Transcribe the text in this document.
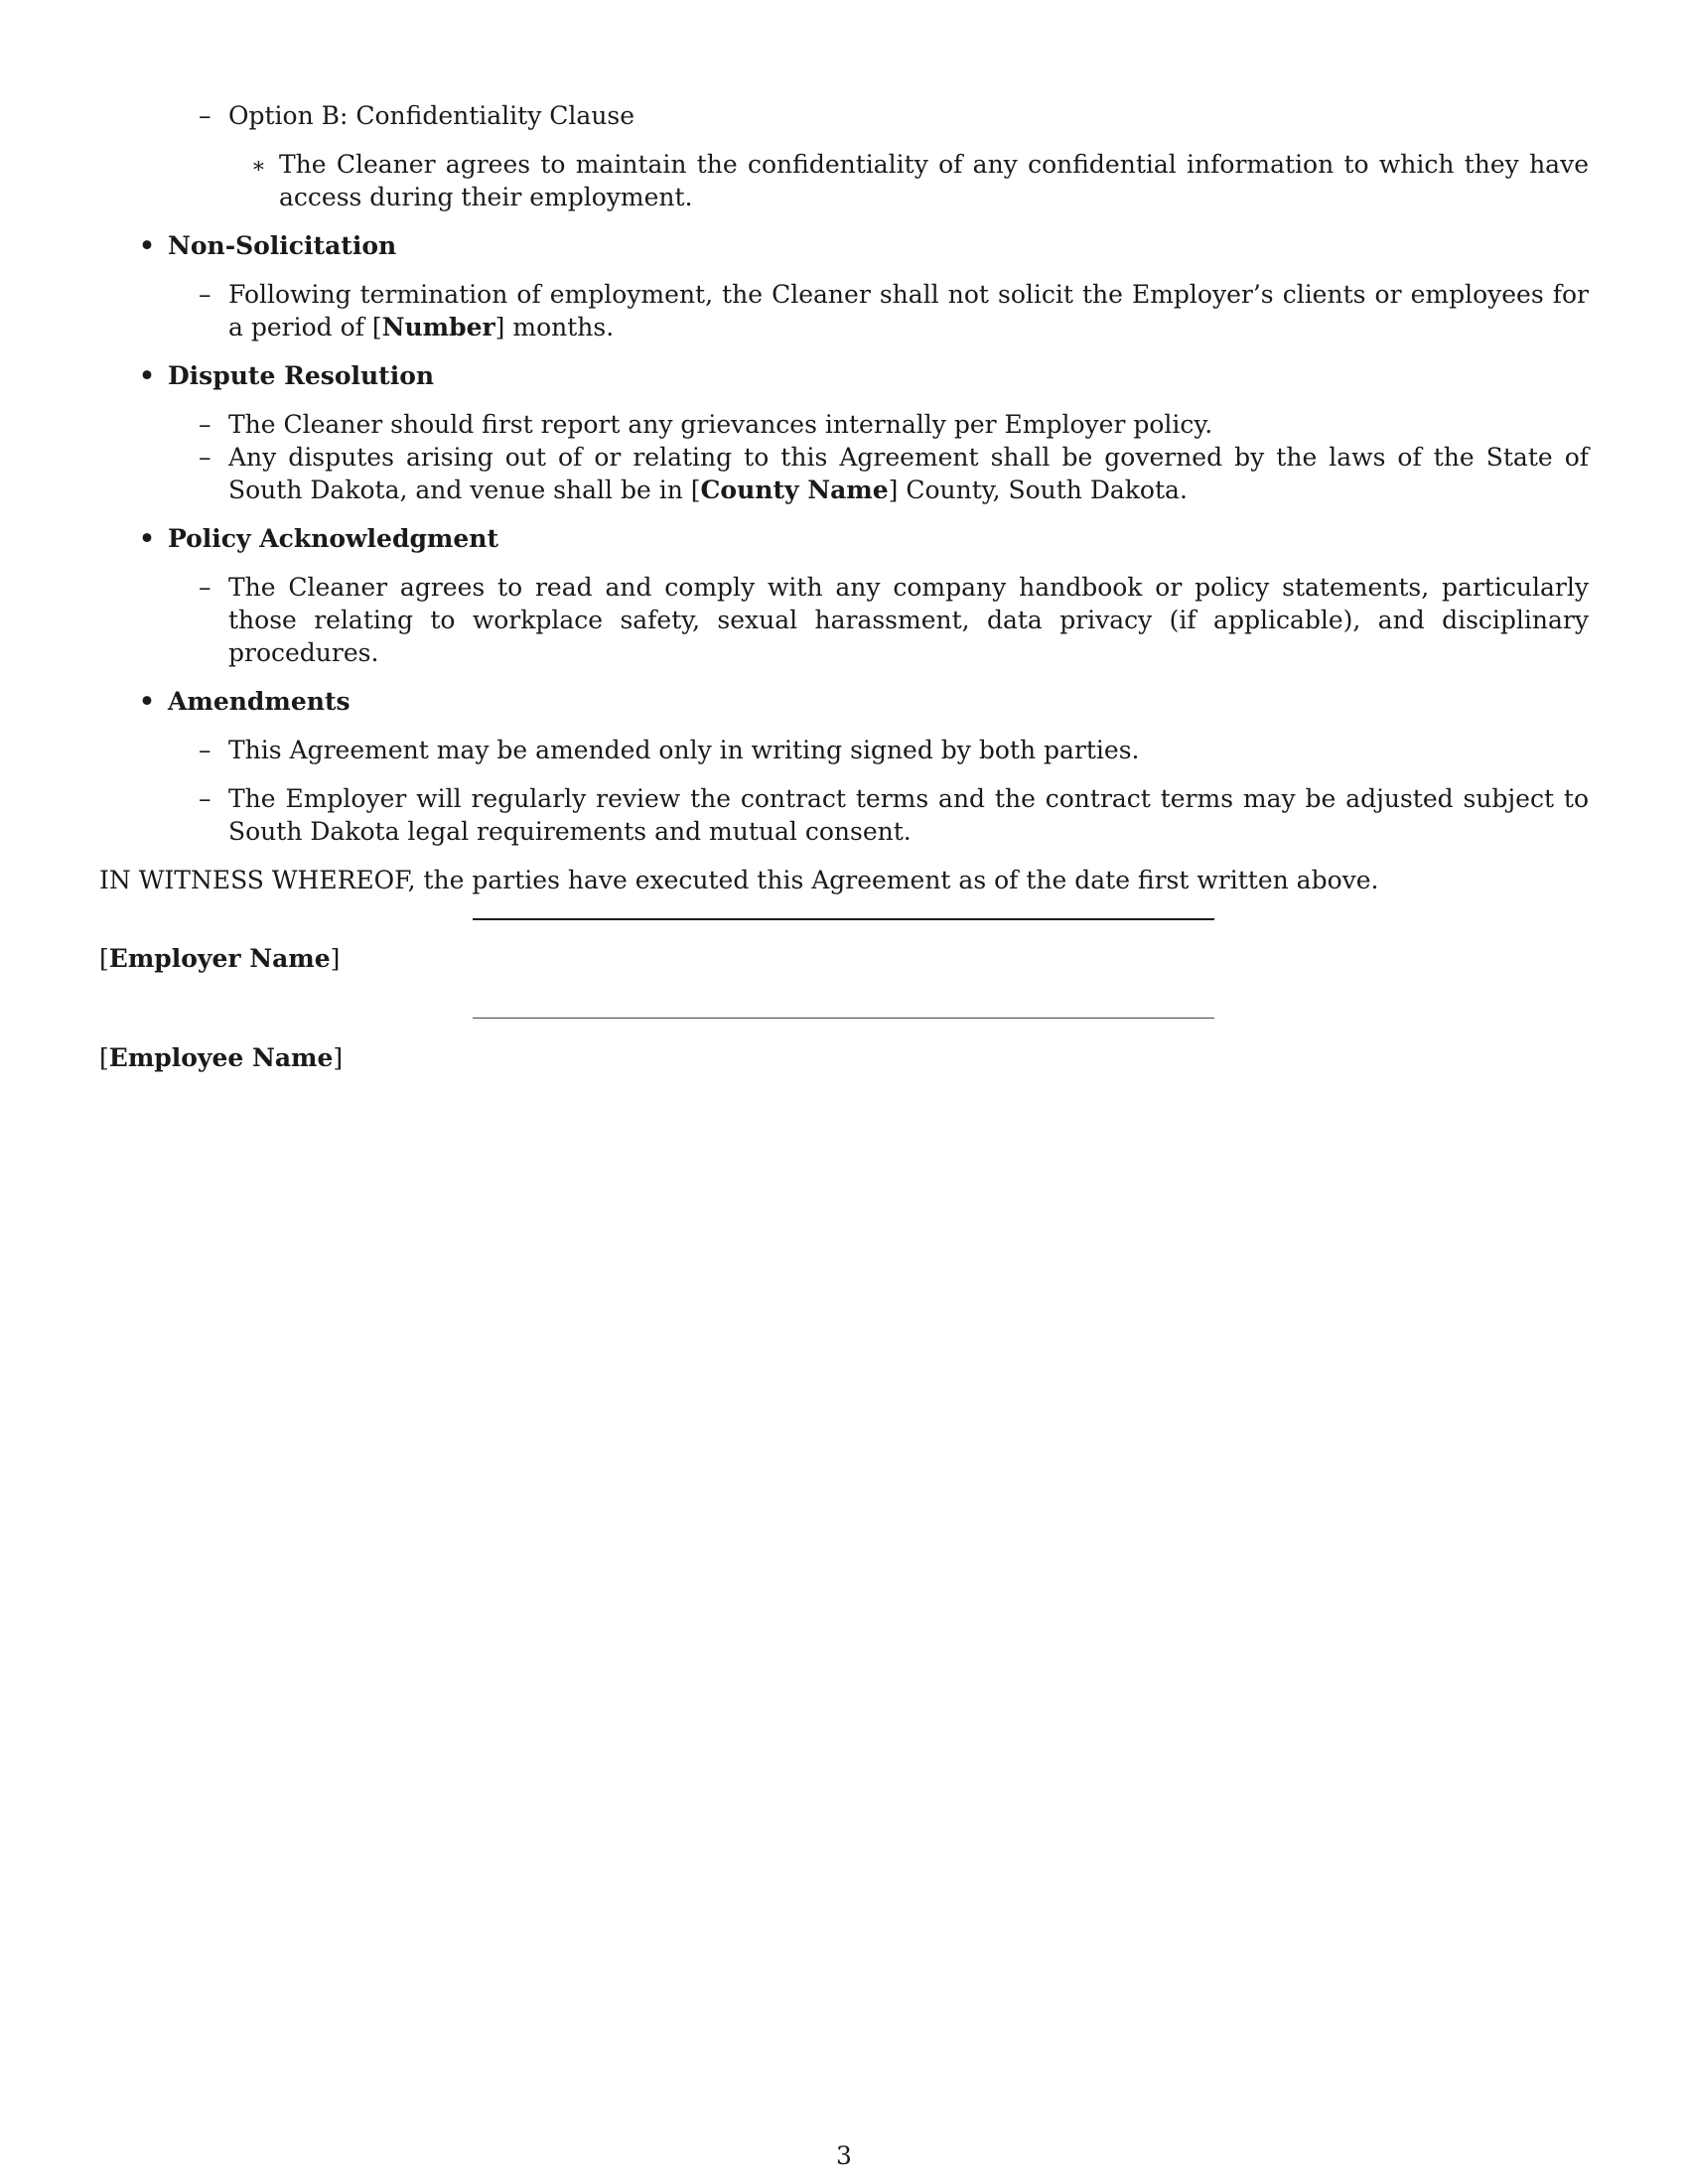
– Option B: Confidentiality Clause
∗ The Cleaner agrees to maintain the confidentiality of any confidential information to which they have access during their employment.
• Non-Solicitation
– Following termination of employment, the Cleaner shall not solicit the Employer’s clients or employees for a period of [Number] months.
• Dispute Resolution
– The Cleaner should first report any grievances internally per Employer policy.
– Any disputes arising out of or relating to this Agreement shall be governed by the laws of the State of South Dakota, and venue shall be in [County Name] County, South Dakota.
• Policy Acknowledgment
– The Cleaner agrees to read and comply with any company handbook or policy statements, particularly those relating to workplace safety, sexual harassment, data privacy (if applicable), and disciplinary procedures.
• Amendments
– This Agreement may be amended only in writing signed by both parties.
– The Employer will regularly review the contract terms and the contract terms may be adjusted subject to South Dakota legal requirements and mutual consent.
IN WITNESS WHEREOF, the parties have executed this Agreement as of the date first written above.
[Employer Name]
[Employee Name]
3
